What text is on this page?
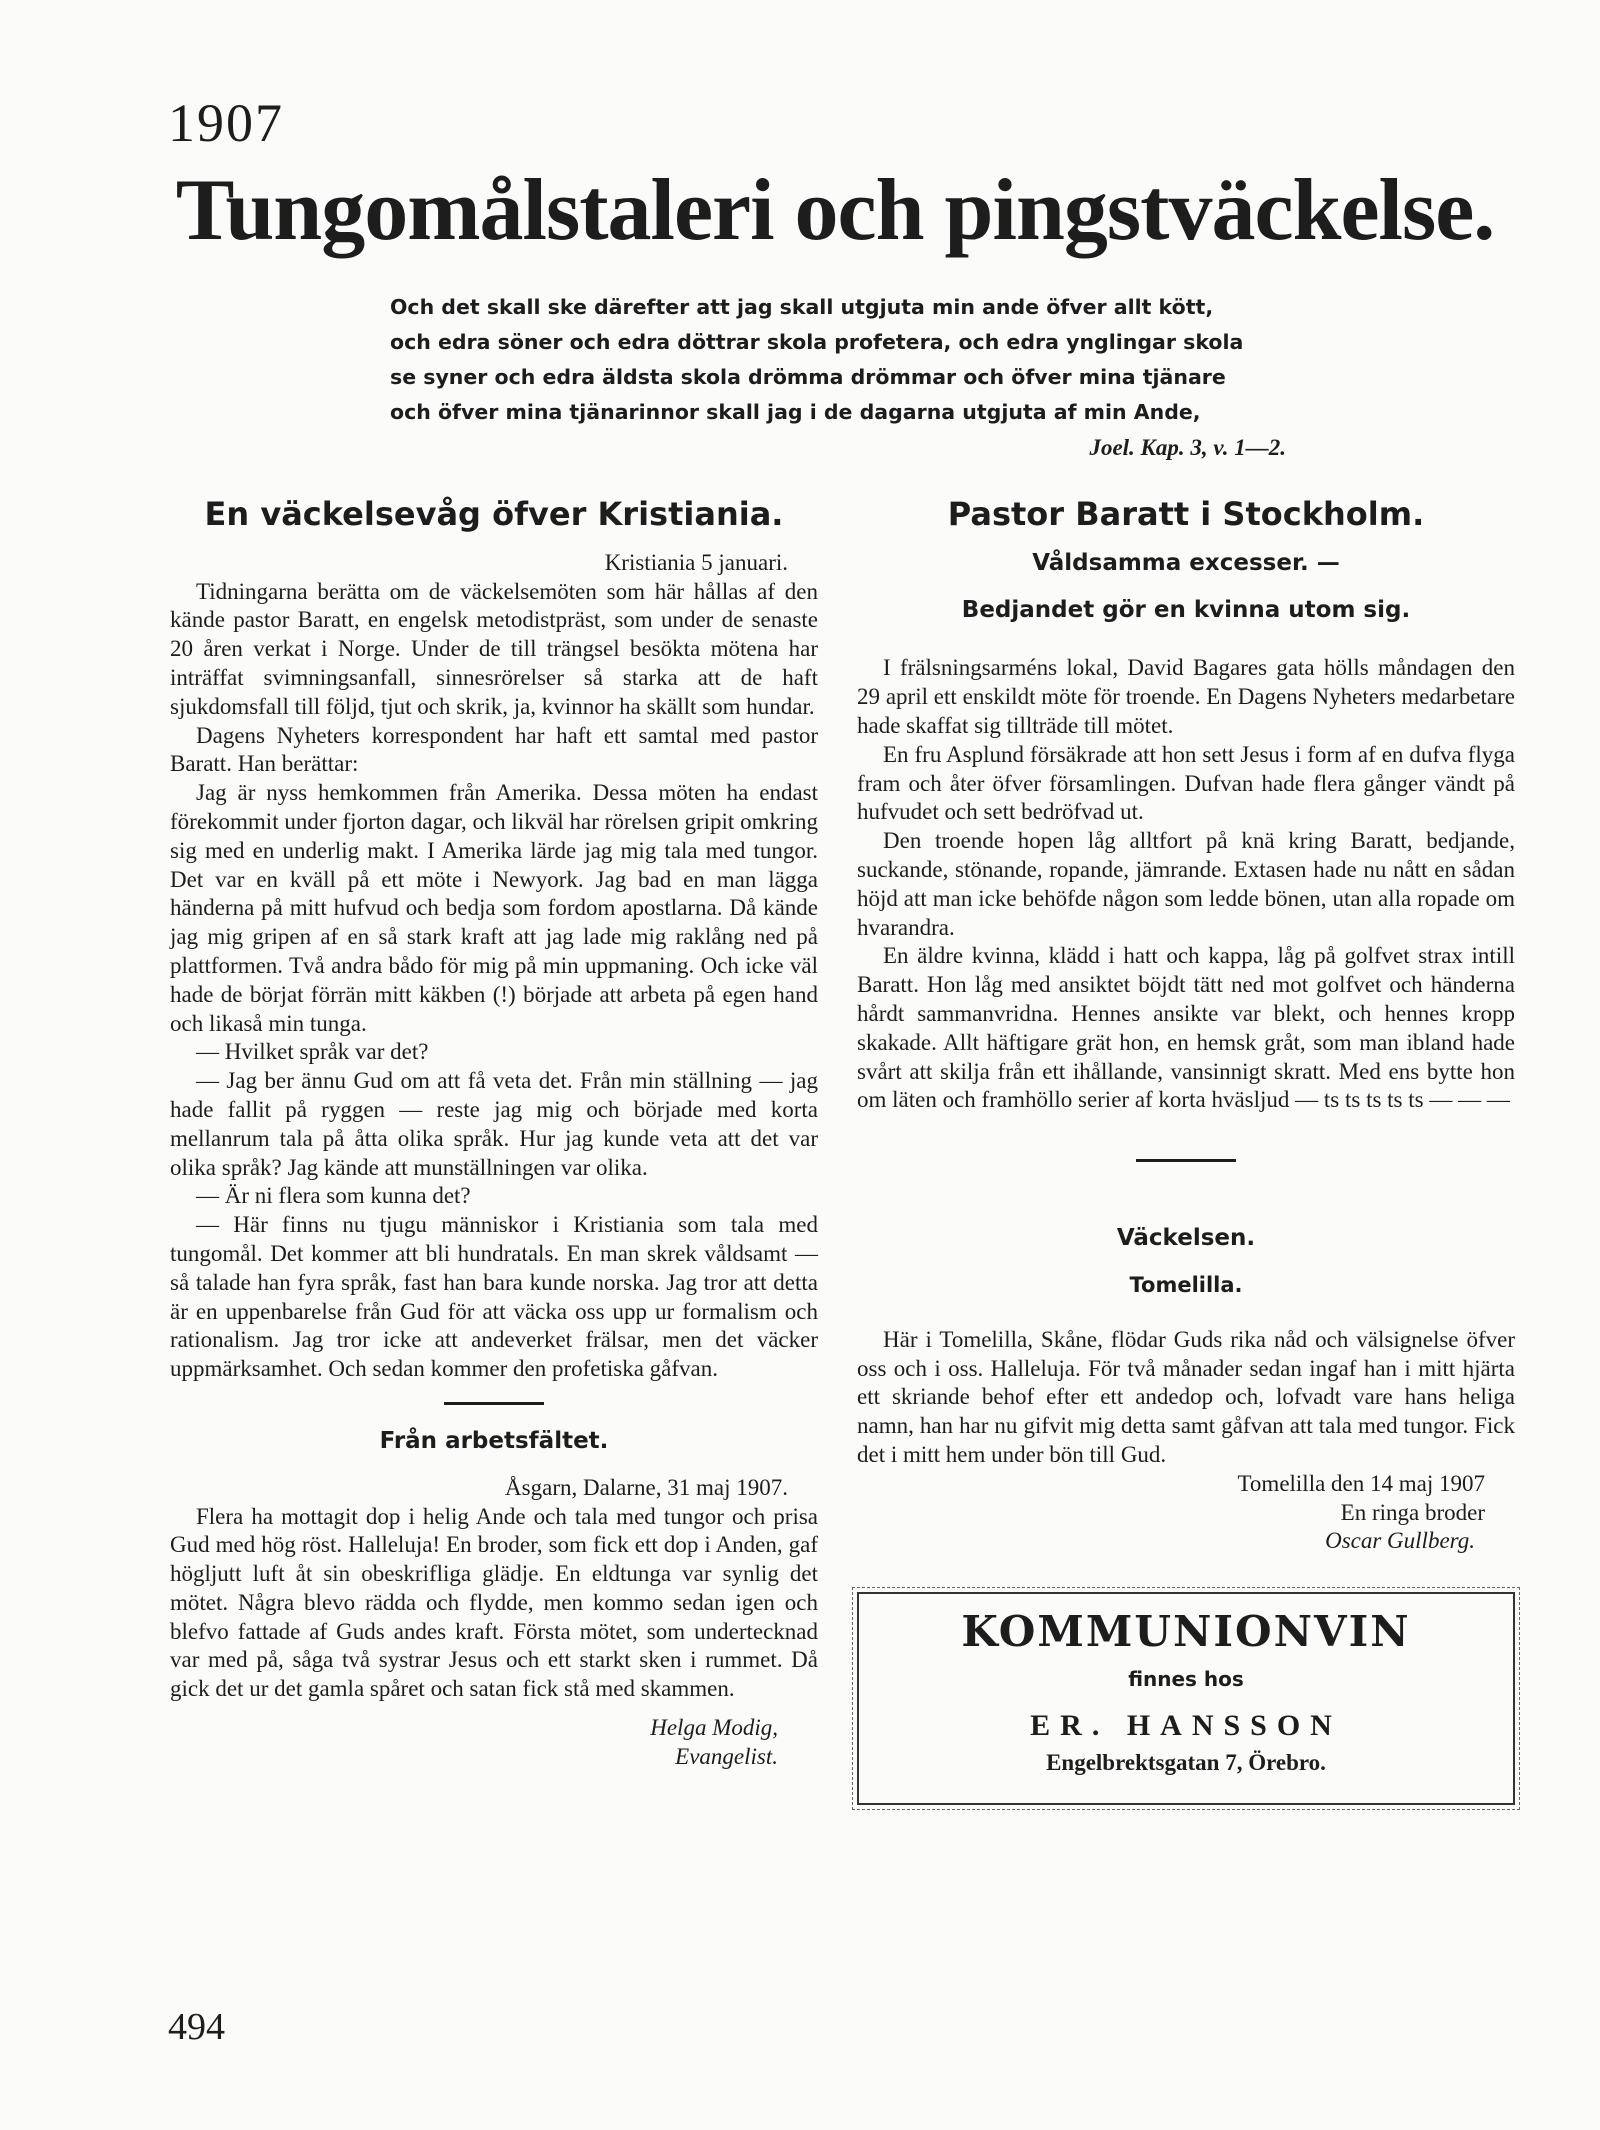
1907
Tungomålstaleri och pingstväckelse.
Och det skall ske därefter att jag skall utgjuta min ande öfver allt kött,
och edra söner och edra döttrar skola profetera, och edra ynglingar skola
se syner och edra äldsta skola drömma drömmar och öfver mina tjänare
och öfver mina tjänarinnor skall jag i de dagarna utgjuta af min Ande,
Joel. Kap. 3, v. 1—2.
En väckelsevåg öfver Kristiania.
Kristiania 5 januari.

Tidningarna berätta om de väckelsemöten som här hållas af den kände pastor Baratt, en engelsk metodistpräst, som under de senaste 20 åren verkat i Norge. Under de till trängsel besökta mötena har inträffat svimningsanfall, sinnesrörelser så starka att de haft sjukdomsfall till följd, tjut och skrik, ja, kvinnor ha skällt som hundar.

Dagens Nyheters korrespondent har haft ett samtal med pastor Baratt. Han berättar:

Jag är nyss hemkommen från Amerika. Dessa möten ha endast förekommit under fjorton dagar, och likväl har rörelsen gripit omkring sig med en underlig makt. I Amerika lärde jag mig tala med tungor. Det var en kväll på ett möte i Newyork. Jag bad en man lägga händerna på mitt hufvud och bedja som fordom apostlarna. Då kände jag mig gripen af en så stark kraft att jag lade mig raklång ned på plattformen. Två andra bådo för mig på min uppmaning. Och icke väl hade de börjat förrän mitt käkben (!) började att arbeta på egen hand och likaså min tunga.

— Hvilket språk var det?

— Jag ber ännu Gud om att få veta det. Från min ställning — jag hade fallit på ryggen — reste jag mig och började med korta mellanrum tala på åtta olika språk. Hur jag kunde veta att det var olika språk? Jag kände att munställningen var olika.

— Är ni flera som kunna det?

— Här finns nu tjugu människor i Kristiania som tala med tungomål. Det kommer att bli hundratals. En man skrek våldsamt — så talade han fyra språk, fast han bara kunde norska. Jag tror att detta är en uppenbarelse från Gud för att väcka oss upp ur formalism och rationalism. Jag tror icke att andeverket frälsar, men det väcker uppmärksamhet. Och sedan kommer den profetiska gåfvan.

Från arbetsfältet.
Åsgarn, Dalarne, 31 maj 1907.

Flera ha mottagit dop i helig Ande och tala med tungor och prisa Gud med hög röst. Halleluja! En broder, som fick ett dop i Anden, gaf högljutt luft åt sin obeskrifliga glädje. En eldtunga var synlig det mötet. Några blevo rädda och flydde, men kommo sedan igen och blefvo fattade af Guds andes kraft. Första mötet, som undertecknad var med på, såga två systrar Jesus och ett starkt sken i rummet. Då gick det ur det gamla spåret och satan fick stå med skammen.

Helga Modig,
Evangelist.
Pastor Baratt i Stockholm.
Våldsamma excesser. —
Bedjandet gör en kvinna utom sig.

I frälsningsarméns lokal, David Bagares gata hölls måndagen den 29 april ett enskildt möte för troende. En Dagens Nyheters medarbetare hade skaffat sig tillträde till mötet.

En fru Asplund försäkrade att hon sett Jesus i form af en dufva flyga fram och åter öfver församlingen. Dufvan hade flera gånger vändt på hufvudet och sett bedröfvad ut.

Den troende hopen låg alltfort på knä kring Baratt, bedjande, suckande, stönande, ropande, jämrande. Extasen hade nu nått en sådan höjd att man icke behöfde någon som ledde bönen, utan alla ropade om hvarandra.

En äldre kvinna, klädd i hatt och kappa, låg på golfvet strax intill Baratt. Hon låg med ansiktet böjdt tätt ned mot golfvet och händerna hårdt sammanvridna. Hennes ansikte var blekt, och hennes kropp skakade. Allt häftigare grät hon, en hemsk gråt, som man ibland hade svårt att skilja från ett ihållande, vansinnigt skratt. Med ens bytte hon om läten och framhöllo serier af korta hväsljud — ts ts ts ts ts — — —

Väckelsen.
Tomelilla.

Här i Tomelilla, Skåne, flödar Guds rika nåd och välsignelse öfver oss och i oss. Halleluja. För två månader sedan ingaf han i mitt hjärta ett skriande behof efter ett andedop och, lofvadt vare hans heliga namn, han har nu gifvit mig detta samt gåfvan att tala med tungor. Fick det i mitt hem under bön till Gud.

Tomelilla den 14 maj 1907
En ringa broder
Oscar Gullberg.
KOMMUNIONVIN
finnes hos
ER. HANSSON
Engelbrektsgatan 7, Örebro.
494
